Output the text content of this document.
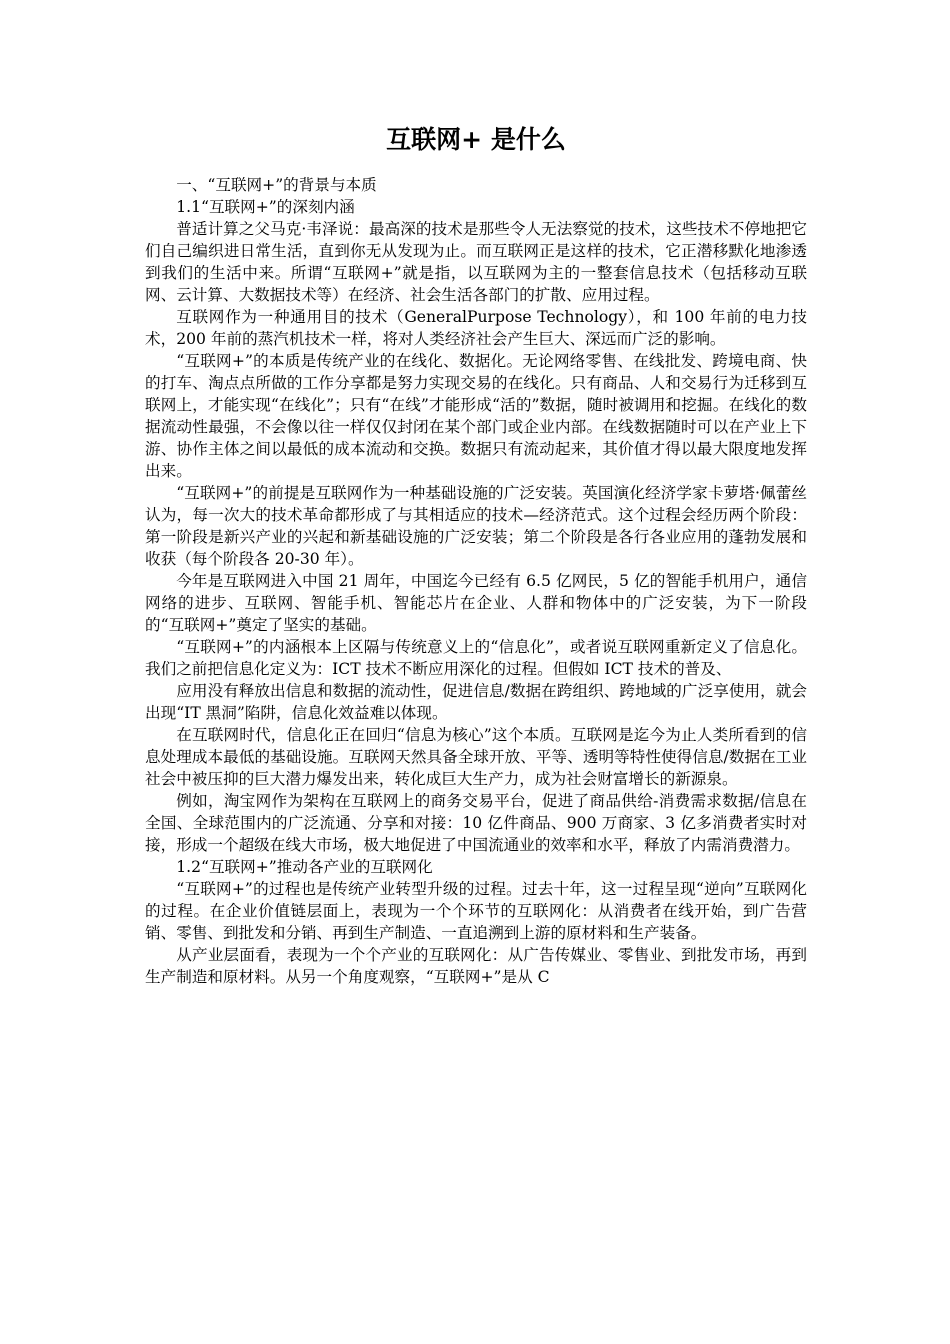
互联网+ 是什么

一、“互联网+”的背景与本质

1.1“互联网+”的深刻内涵

普适计算之父马克·韦泽说：最高深的技术是那些令人无法察觉的技术，这些技术不停地把它们自己编织进日常生活，直到你无从发现为止。而互联网正是这样的技术，它正潜移默化地渗透到我们的生活中来。所谓“互联网+”就是指，以互联网为主的一整套信息技术（包括移动互联网、云计算、大数据技术等）在经济、社会生活各部门的扩散、应用过程。

互联网作为一种通用目的技术（GeneralPurpose Technology），和 100 年前的电力技术，200 年前的蒸汽机技术一样，将对人类经济社会产生巨大、深远而广泛的影响。

“互联网+”的本质是传统产业的在线化、数据化。无论网络零售、在线批发、跨境电商、快的打车、淘点点所做的工作分享都是努力实现交易的在线化。只有商品、人和交易行为迁移到互联网上，才能实现“在线化”；只有“在线”才能形成“活的”数据，随时被调用和挖掘。在线化的数据流动性最强，不会像以往一样仅仅封闭在某个部门或企业内部。在线数据随时可以在产业上下游、协作主体之间以最低的成本流动和交换。数据只有流动起来，其价值才得以最大限度地发挥出来。

“互联网+”的前提是互联网作为一种基础设施的广泛安装。英国演化经济学家卡萝塔·佩蕾丝认为，每一次大的技术革命都形成了与其相适应的技术—经济范式。这个过程会经历两个阶段：第一阶段是新兴产业的兴起和新基础设施的广泛安装；第二个阶段是各行各业应用的蓬勃发展和收获（每个阶段各 20-30 年）。

今年是互联网进入中国 21 周年，中国迄今已经有 6.5 亿网民，5 亿的智能手机用户，通信网络的进步、互联网、智能手机、智能芯片在企业、人群和物体中的广泛安装，为下一阶段的“互联网+”奠定了坚实的基础。

“互联网+”的内涵根本上区隔与传统意义上的“信息化”，或者说互联网重新定义了信息化。我们之前把信息化定义为：ICT 技术不断应用深化的过程。但假如 ICT 技术的普及、

应用没有释放出信息和数据的流动性，促进信息/数据在跨组织、跨地域的广泛享使用，就会出现“IT 黑洞”陷阱，信息化效益难以体现。

在互联网时代，信息化正在回归“信息为核心”这个本质。互联网是迄今为止人类所看到的信息处理成本最低的基础设施。互联网天然具备全球开放、平等、透明等特性使得信息/数据在工业社会中被压抑的巨大潜力爆发出来，转化成巨大生产力，成为社会财富增长的新源泉。

例如，淘宝网作为架构在互联网上的商务交易平台，促进了商品供给-消费需求数据/信息在全国、全球范围内的广泛流通、分享和对接：10 亿件商品、900 万商家、3 亿多消费者实时对接，形成一个超级在线大市场，极大地促进了中国流通业的效率和水平，释放了内需消费潜力。

1.2“互联网+”推动各产业的互联网化

“互联网+”的过程也是传统产业转型升级的过程。过去十年，这一过程呈现“逆向”互联网化的过程。在企业价值链层面上，表现为一个个环节的互联网化：从消费者在线开始，到广告营销、零售、到批发和分销、再到生产制造、一直追溯到上游的原材料和生产装备。

从产业层面看，表现为一个个产业的互联网化：从广告传媒业、零售业、到批发市场，再到生产制造和原材料。从另一个角度观察，“互联网+”是从 C
